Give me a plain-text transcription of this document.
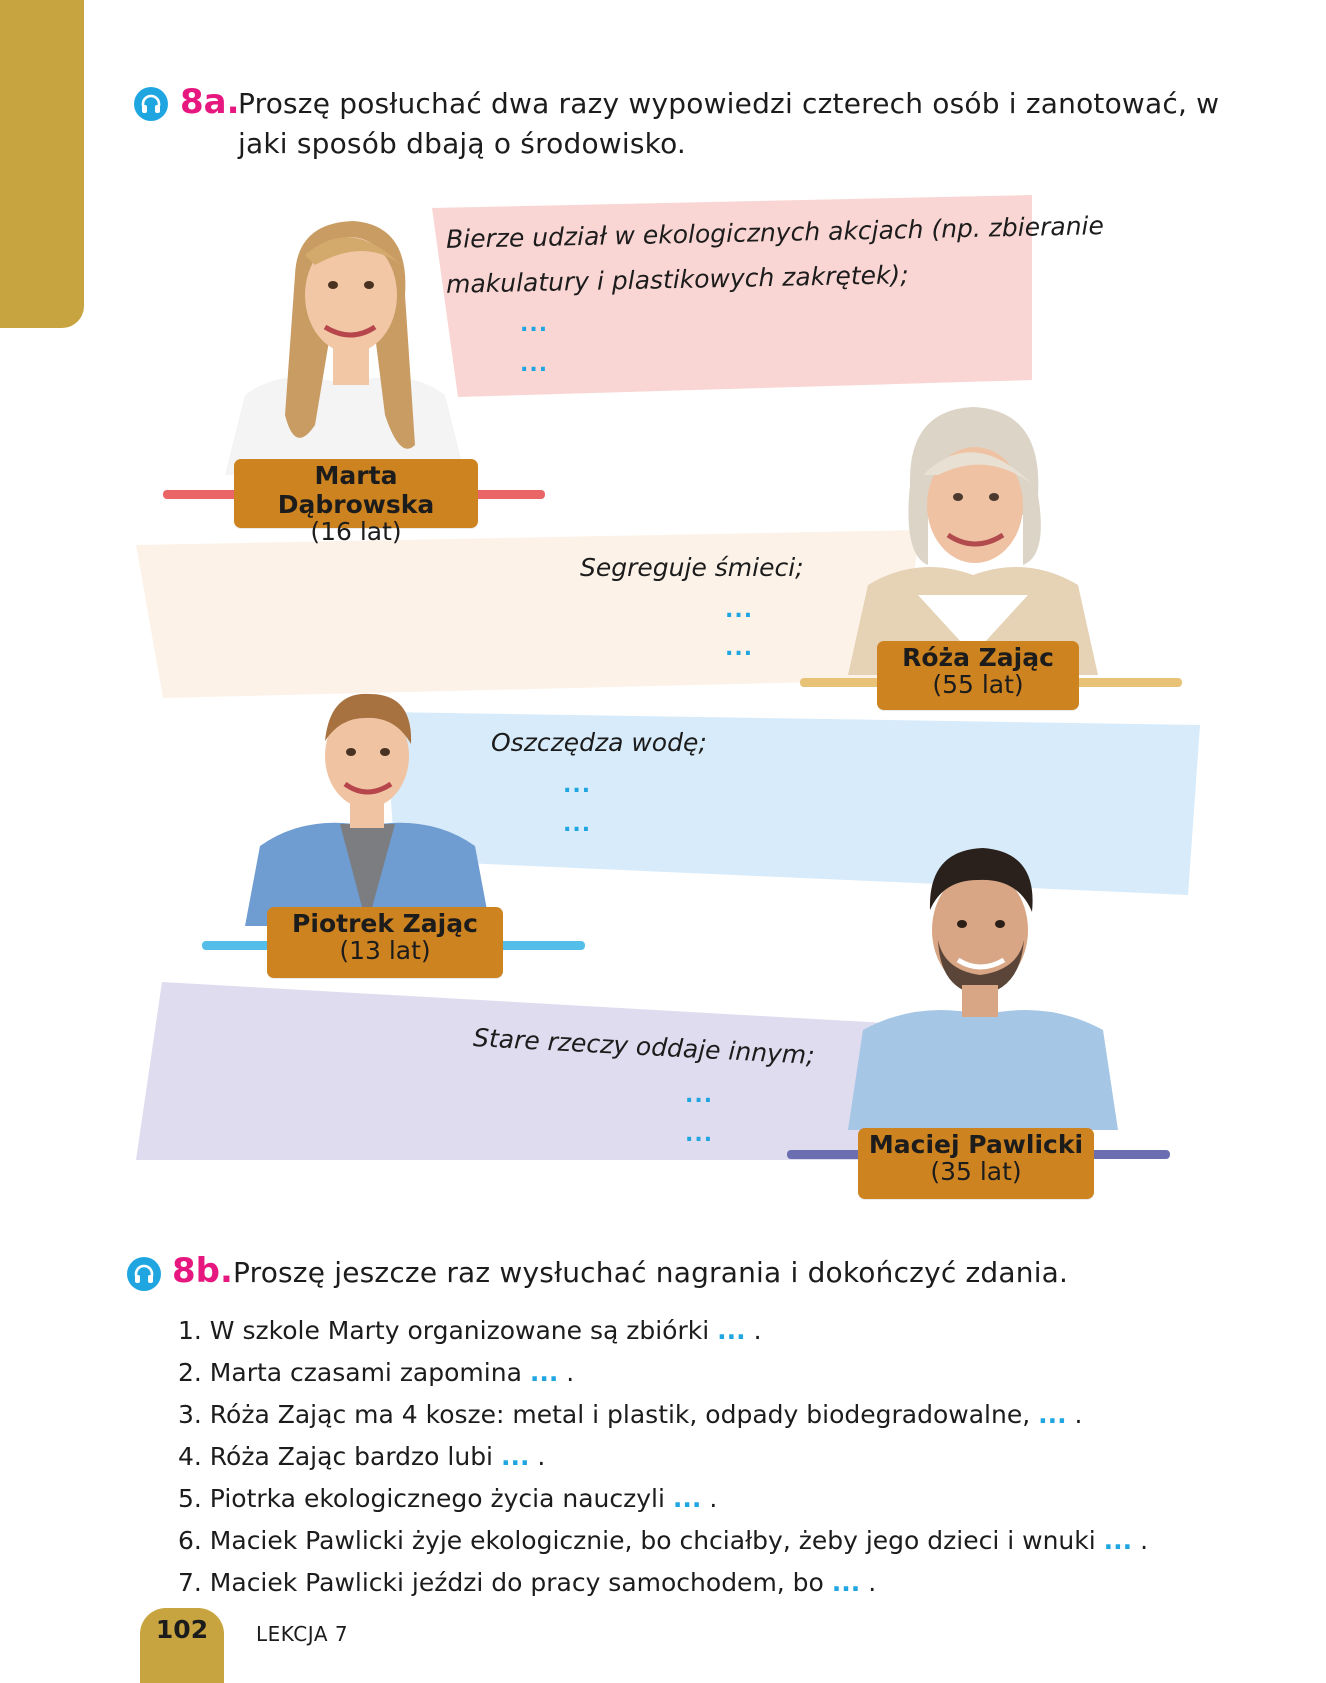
8a.
Proszę posłuchać dwa razy wypowiedzi czterech osób i zanotować, w
jaki sposób dbają o środowisko.
Marta Dąbrowska
(16 lat)
Bierze udział w ekologicznych akcjach (np. zbieranie
makulatury i plastikowych zakrętek);
...
...
Róża Zając
(55 lat)
Segreguje śmieci;
...
...
Piotrek Zając
(13 lat)
Oszczędza wodę;
...
...
Maciej Pawlicki
(35 lat)
Stare rzeczy oddaje innym;
...
...
8b. Proszę jeszcze raz wysłuchać nagrania i dokończyć zdania.
1. W szkole Marty organizowane są zbiórki ... .
2. Marta czasami zapomina ... .
3. Róża Zając ma 4 kosze: metal i plastik, odpady biodegradowalne, ... .
4. Róża Zając bardzo lubi ... .
5. Piotrka ekologicznego życia nauczyli ... .
6. Maciek Pawlicki żyje ekologicznie, bo chciałby, żeby jego dzieci i wnuki ... .
7. Maciek Pawlicki jeździ do pracy samochodem, bo ... .
102	LEKCJA 7
